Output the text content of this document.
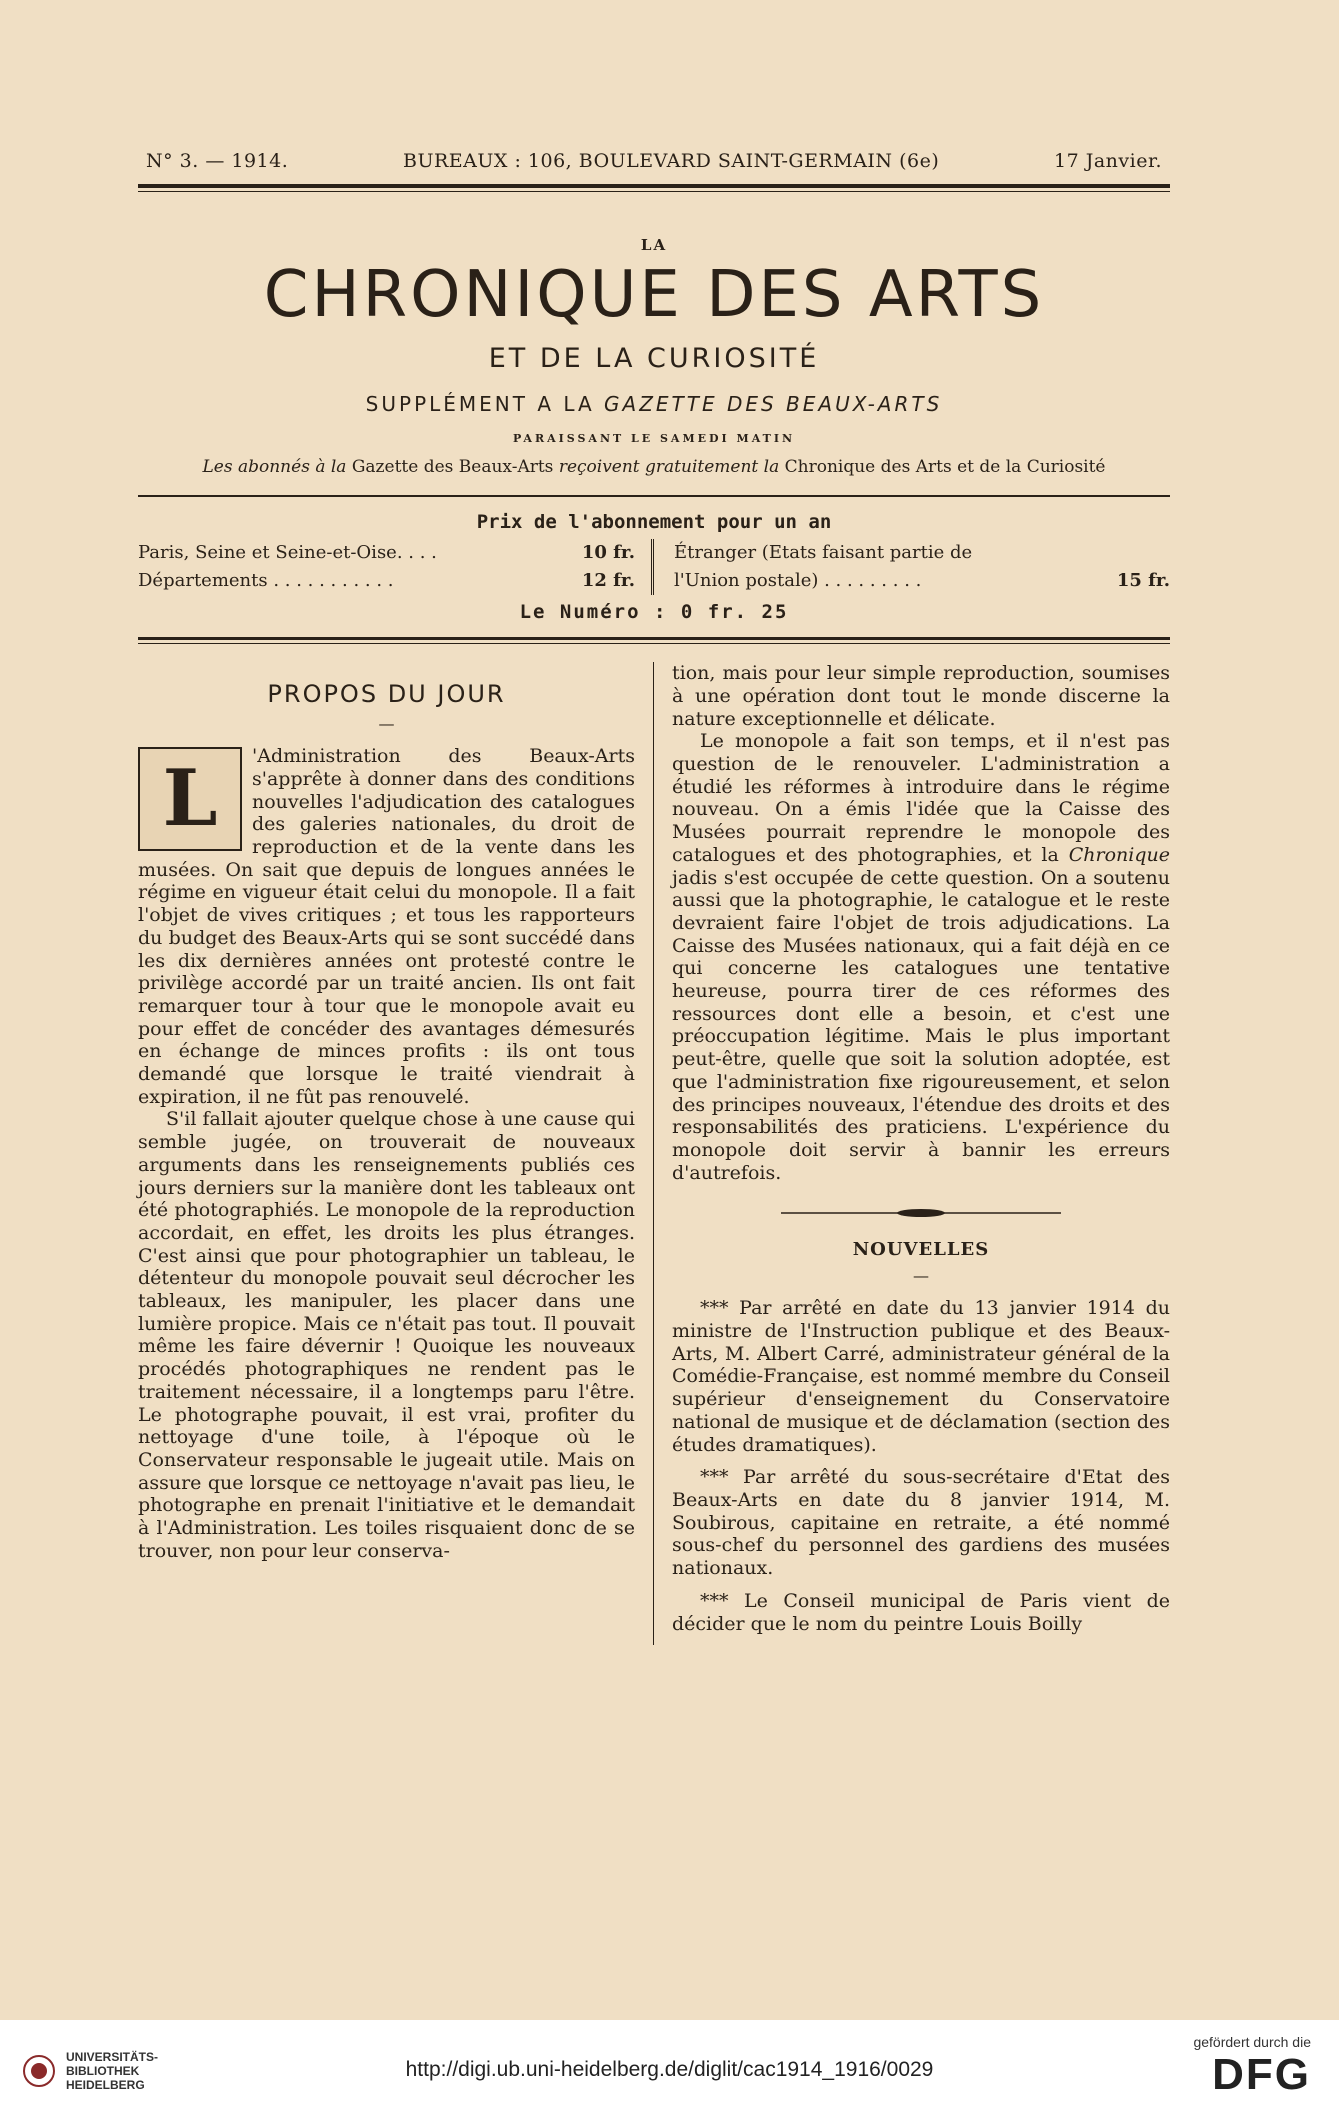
N° 3. — 1914.	BUREAUX : 106, BOULEVARD SAINT-GERMAIN (6e)	17 Janvier.
LA
CHRONIQUE DES ARTS
ET DE LA CURIOSITÉ
SUPPLÉMENT A LA GAZETTE DES BEAUX-ARTS
PARAISSANT LE SAMEDI MATIN
Les abonnés à la Gazette des Beaux-Arts reçoivent gratuitement la Chronique des Arts et de la Curiosité
Prix de l'abonnement pour un an
Paris, Seine et Seine-et-Oise. . . .	10 fr.
Départements . . . . . . . . . . .	12 fr.
Étranger (Etats faisant partie de
l'Union postale) . . . . . . . . .	15 fr.
Le Numéro : 0 fr. 25
PROPOS DU JOUR
—

L	'Administration des Beaux-Arts s'apprête à donner dans des conditions nouvelles l'adjudication des catalogues des galeries nationales, du droit de reproduction et de la vente dans les musées. On sait que depuis de longues années le régime en vigueur était celui du monopole. Il a fait l'objet de vives critiques ; et tous les rapporteurs du budget des Beaux-Arts qui se sont succédé dans les dix dernières années ont protesté contre le privilège accordé par un traité ancien. Ils ont fait remarquer tour à tour que le monopole avait eu pour effet de concéder des avantages démesurés en échange de minces profits : ils ont tous demandé que lorsque le traité viendrait à expiration, il ne fût pas renouvelé.

S'il fallait ajouter quelque chose à une cause qui semble jugée, on trouverait de nouveaux arguments dans les renseignements publiés ces jours derniers sur la manière dont les tableaux ont été photographiés. Le monopole de la reproduction accordait, en effet, les droits les plus étranges. C'est ainsi que pour photographier un tableau, le détenteur du monopole pouvait seul décrocher les tableaux, les manipuler, les placer dans une lumière propice. Mais ce n'était pas tout. Il pouvait même les faire dévernir ! Quoique les nouveaux procédés photographiques ne rendent pas le traitement nécessaire, il a longtemps paru l'être. Le photographe pouvait, il est vrai, profiter du nettoyage d'une toile, à l'époque où le Conservateur responsable le jugeait utile. Mais on assure que lorsque ce nettoyage n'avait pas lieu, le photographe en prenait l'initiative et le demandait à l'Administration. Les toiles risquaient donc de se trouver, non pour leur conserva-

tion, mais pour leur simple reproduction, soumises à une opération dont tout le monde discerne la nature exceptionnelle et délicate.

Le monopole a fait son temps, et il n'est pas question de le renouveler. L'administration a étudié les réformes à introduire dans le régime nouveau. On a émis l'idée que la Caisse des Musées pourrait reprendre le monopole des catalogues et des photographies, et la Chronique jadis s'est occupée de cette question. On a soutenu aussi que la photographie, le catalogue et le reste devraient faire l'objet de trois adjudications. La Caisse des Musées nationaux, qui a fait déjà en ce qui concerne les catalogues une tentative heureuse, pourra tirer de ces réformes des ressources dont elle a besoin, et c'est une préoccupation légitime. Mais le plus important peut-être, quelle que soit la solution adoptée, est que l'administration fixe rigoureusement, et selon des principes nouveaux, l'étendue des droits et des responsabilités des praticiens. L'expérience du monopole doit servir à bannir les erreurs d'autrefois.

NOUVELLES
—

*** Par arrêté en date du 13 janvier 1914 du ministre de l'Instruction publique et des Beaux-Arts, M. Albert Carré, administrateur général de la Comédie-Française, est nommé membre du Conseil supérieur d'enseignement du Conservatoire national de musique et de déclamation (section des études dramatiques).

*** Par arrêté du sous-secrétaire d'Etat des Beaux-Arts en date du 8 janvier 1914, M. Soubirous, capitaine en retraite, a été nommé sous-chef du personnel des gardiens des musées nationaux.

*** Le Conseil municipal de Paris vient de décider que le nom du peintre Louis Boilly

UNIVERSITÄTS-
BIBLIOTHEK
HEIDELBERG
http://digi.ub.uni-heidelberg.de/diglit/cac1914_1916/0029
gefördert durch die
DFG
